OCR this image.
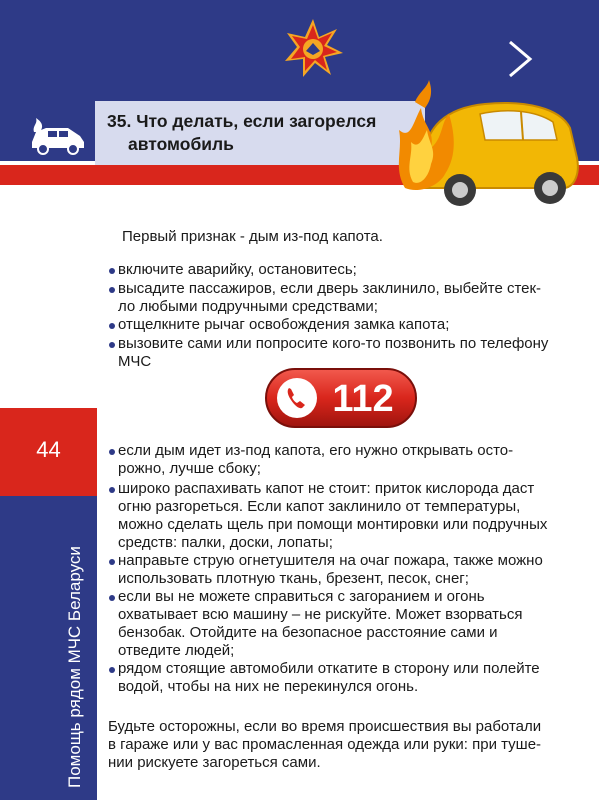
35. Что делать, если загорелся
автомобиль
44
Помощь рядом МЧС Беларуси
Первый признак - дым из-под капота.
включите аварийку, остановитесь;
высадите пассажиров, если дверь заклинило, выбейте стек-
ло любыми подручными средствами;
отщелкните рычаг освобождения замка капота;
вызовите сами или попросите кого-то позвонить по телефону
МЧС
112
если дым идет из-под капота, его нужно открывать осто-
рожно, лучше сбоку;
широко распахивать капот не стоит: приток кислорода даст
огню разгореться. Если капот заклинило от температуры,
можно сделать щель при помощи монтировки или подручных
средств: палки, доски, лопаты;
направьте струю огнетушителя на очаг пожара, также можно
использовать плотную ткань, брезент, песок, снег;
если вы не можете справиться с загоранием и огонь
охватывает всю машину – не рискуйте. Может взорваться
бензобак. Отойдите на безопасное расстояние сами и
отведите людей;
рядом стоящие автомобили откатите в сторону или полейте
водой, чтобы на них не перекинулся огонь.
Будьте осторожны, если во время происшествия вы работали
в гараже или у вас промасленная одежда или руки: при туше-
нии рискуете загореться сами.
